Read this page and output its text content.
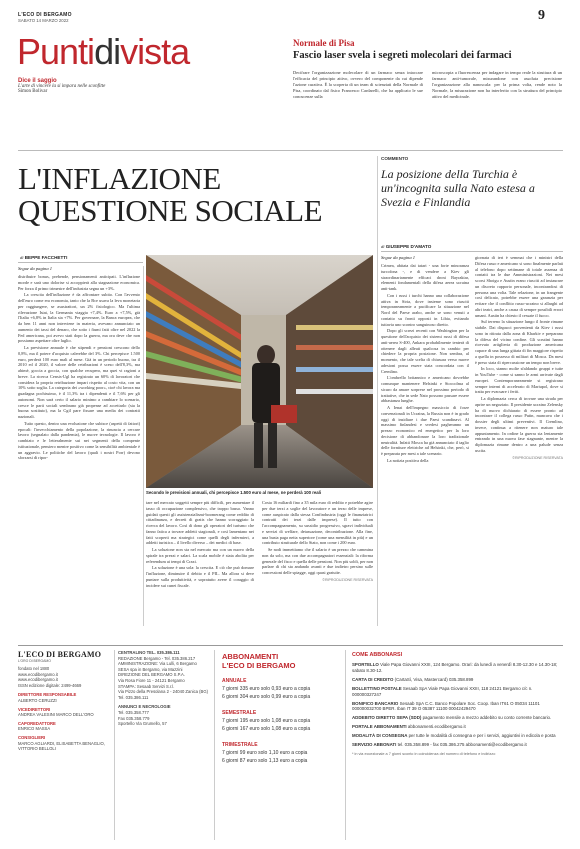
L'ECO DI BERGAMO
SABATO 14 MARZO 2022	9
Puntidivista
Dice il saggio
L'arte di vincere la si impara nelle sconfitte
Simon Bolivar
Normale di Pisa
Fascio laser svela i segreti molecolari dei farmaci
Decifrare l'organizzazione molecolare di un farmaco senza intaccare l'efficacia del principio attivo, ovvero del componente da cui dipende l'azione curativa. È la scoperta di un team di scienziati della Normale di Pisa, coordinato dal fisico Francesco Cardarelli, che ha applicato le sue conoscenze sulla
microscopia a fluorescenza per indagare in tempo reale la struttura di un farmaco anti-tumorale, misurandone con assoluta precisione l'organizzazione alla nanoscala: per la prima volta, rende noto la Normale, la misurazione non ha interferito con la struttura del principio attivo del medicinale.
L'INFLAZIONE
QUESTIONE SOCIALE
COMMENTO
La posizione della Turchia è un'incognita sulla Nato estesa a Svezia e Finlandia
di BEPPE FACCHETTI
di GIUSEPPE D'AMATO
Segue da pagina 1

distribuire bonus, prebende, pensionamenti anticipati. L'inflazione morde e sarà uno dolorise si accoppierà alla stagnazione economica. Per forza il primo trimestre dell'industria segna un +3%.

La crescita dell'inflazione è da affrontare subito. Con l'avvento dell'euro come era economia, tanto che la Bce usava la leva monetaria per raggiungere, se asustrattori, un 2% fisiologico. Ma l'ultima rilevazione Istat, la Germania viaggia +7,4%. Euro a +7,5%, già l'Italia +6,8% in Italia sia +7%. Per governare, la Banca europea, che da ben 11 anni non interviene in materia, avevano annunciato un aumento dei tassi del denaro, che sotto i fiumi fatti oltre nel 2022 la Fed americana, poi avevo stati dopo la guerra, ma ora deve che non possiamo aspettare oltre luglio.

La previsione annuale è che stipendi e pensioni crescono dello 0,8%, ma il potere d'acquisto calerebbe del 3%. Chi percepisce 1.500 euro, perderà 100 euro mali al mese. Già in un periodo buono, tra il 2010 ed il 2020, il valore delle retribuzioni è sceso dell'8,3%, ma ahimè, goccia a goccia, con qualche recupero, ma quei vi ragioni a breve. La ricerca Censis-Ugl ha registrato un 60% di lavoratori che considera la propria retribuzione impari rispetto al costo vita, con un 10% sotto soglia. La categoria dei «working poor», cioè chi lavora ma guadagna pochissimo, è il 11,3% tra i dipendenti e il 7,6% per gli autonomi. Non sarà certo il salario minimo a cambiare lo scenario, cresce le parti sociali sembrano già propense ad accettarlo (sta la buona sostituto), ma la Cgil pare fissare una media dei contratti nazionali.

Tutto questo, dentro una evoluzione che subisce (aspetti di fattori) epocali: l'invecchiamento della popolazione, la rinuncia a cercare lavoro (segnalato dalla pandemia), le nuove tecnologie. Il lavoro è cambiato e le letteralmente sui nei segmenti della compente istituzionale, pensiero mentre positivo come la sensibilità ambientale è un aggravio. Le politiche del lavoro (quali i nostri Porr) devono sforzarsi di ripor-

Secondo le previsioni annuali, chi percepisce 1.500 euro al mese, ne perderà 100 reali

tare nel mercato soggetti sempre più difficili, per aumentare il tasso di occupazione complessivo, che troppo basso. Vanno guidati questi gli assistenzialismi-boomerang come reddito di cittadinanza, e decreti di gratis che hanno scoraggiato la ricerca del lavoro. Così di dono gli operatori del turismo che fanno fatica a trovare addetti stagionali, e così lamentano nei fatti scoperti ma strategici come quelli degli infermieri, a addetti turistica – il livello diverso – dei medici di base.

La soluzione non sta nel mercato ma con un nuovo della spirale tra prezzi e salari. La scala mobile è stata abolita per referendum ai tempi di Craxi.

La soluzione è una sola: la crescita. E ciò che può domare l'inflazione, diminuire il debito e il PIL. Ma allora si deve puntare sulla produttività, e sopratutto avere il coraggio di incidere sui cunei fiscale.

Costa 16 miliardi fino a 35 mila euro di reddito e potrebbe agire per due terzi a soglie del lavoratore e un terzo delle imprese, come auspicato dalla stessa Confindustria (oggi le finanziatrici contratti dei terzi dalle imprese). Il tutto con l'accompagnamento, su sussidio progressivo, sgravi individuali e servizi di welfare, detassazione, decontribuzione. Alla fine, una busta paga netta superiore (come una mensilità in più) e un contributo strutturale dello Stato, non come i 200 euro.

Se nodi immettiamo che il salario è un prezzo che cammina non da solo, ma con due accompagnatori essenziali: la riforma generale del fisco e quella delle pensioni. Non più soldi, per non parlare di chi sta andando avanti e due indietro persino sulle concessioni delle spiagge, oggi quasi gratuite.

©RIPRODUZIONE RISERVATA
Segue da pagina 1

Crimea, abitata dai tatari - una forte minoranza turcofona -, e di vendere a Kiev gli straordinariamente efficaci droni Bayraktar, elementi fondamentali della difesa aerea ucraina anti-tank.

Con i russi i turchi hanno una collaborazione attiva in Siria, dove insieme sono riusciti temporaneamente a pacificare la situazione nel Nord del Paese arabo, anche se sono venuti a contatto su fronti opposti in Libia, evitando tuttavia uno scontro sanguinoso diretto.

Dopo gli screzi recenti con Washington per la questione dell'acquisto dei sistemi russi di difesa anti-aerea S-400, Ankara probabilmente tenterà di ottenere dagli alleati qualcosa in cambio per chiedere la propria posizione. Non sembra, al momento, che tale scelta di chiusura verso nuove adesioni possa essere stata concordata con il Cremlino.

L'ombrello britannico e americano dovrebbe comunque mantenere Helsinki e Stoccolma al sicuro da amare sorprese nel prossimo periodo di trattative, che in sede Nato possono passare essere abbastanza lunghe.

A Ienai dell'impegno massiccio di forze convenzionali in Ucraina, la Russia non è in grado oggi di insidiare i due Paesi scandinavi. Al massimo finlandesi e svedesi pagheranno un prezzo economico ed energetico per la loro decisione di abbandonare la loro tradizionale neutralità. Infatti Mosca ha già annunciato il taglio delle forniture elettriche ad Helsinki, che, però, si è preparata per mesi a tale scenario.

La notizia positiva della

giornata di ieri è semmai che i ministri della Difesa russo e americano si sono finalmente parlati al telefono dopo settimane di totale assenza di contatti tra le due Amministrazioni. Nei mesi scorsi Shoigu e Austin erano riusciti ad instaurare un discreto rapporto personale, incontrandosi di persona una volta. Tale relazione, in un frangente così delicato, potrebbe essere una garanzia per evitare che il conflitto russo-ucraino si allarghi ad altri teatri, anche a causa di sempre possibili errori umani. Austin ha chiesto il cessate il fuoco.

Sul terreno la situazione lungo il fronte rimane stabile. Dai dispacci provenienti da Kiev i russi sono in ritirata dalla zona di Kharkiv e preparano la difesa del vicino confine. Gli scrutini hanno ricevuto artiglieria di produzione americana capace di una lunga gittata di fin maggiore rispetto a quella in possesso di militari di Mosca. Da mesi è preso stata di ripercussione un tempo non breve.

In loco, stanno molte sfaldando gruppi e tutte in YouTube - come si sanno le armi arrivate dagli europei. Contemporaneamente si registrano sempre interni di accelerato di Mariupol, dove si tratta per evacuare i feriti.

La diplomazia cerca di trovare una strada per aprire un negoziato. Il presidente ucraino Zelensky ha di nuovo dichiarato di essere pronto ad incontrare il collega russo Putin, mancava che i dossier degli ultimi preventivi. Il Cremlino, invece, continua a ritenere non maturo tale appuntamento. In ordine la guerra sta lentamente entrando in una nuova fase stagnante, mentre la diplomazia rimane dentro a una palude senza uscita.

©RIPRODUZIONE RISERVATA
L'ECO DI BERGAMO
L'ORO DI BERGAMO
fondato nel 1880
www.ecodibergamo.it
www.ecodibergamo.it
ISSN edizione digitale: 2499-4669
DIRETTORE RESPONSABILE
ALBERTO CERUZZI
VICEDIRETTORI
ANDREA VALESINI MARCO DELL'ORO
CAPOREDATTORE
ENRICO MASSA
CONSIGLIERI
MARCO AGLIARDI, ELISABETTA BENAGLIO, VITTORIO BELLOLI
CENTRALINO TEL. 035.386.111
REDAZIONE Bergamo - Tel. 035.386.217
AMMINISTRAZIONE: Via Lulli, 6 Bergamo
SESA spa in Bergamo, via Mazzini
DIREZIONE DEL BERGAMO S.P.A.
Via Rosa Fiore 11 - 24121 Bergamo
STAMPA: Sesaab Servizi S.r.l.
Via Pizzo della Presolana 2 - 24040 Zanica (BG)
Tel. 035.386.111
ANNUNCI E NECROLOGIE
Tel. 035.358.777
Fax 035.358.779
Sportello Via Grumello, 57
ABBONAMENTI
L'ECO DI BERGAMO
ANNUALE
7 giorni 335 euro solo 0,93 euro a copia
6 giorni 304 euro solo 0,99 euro a copia
SEMESTRALE
7 giorni 195 euro solo 1,08 euro a copia
6 giorni 167 euro solo 1,08 euro a copia
TRIMESTRALE
7 giorni 99 euro solo 1,10 euro a copia
6 giorni 87 euro solo 1,13 euro a copia
COME ABBONARSI
SPORTELLO Viale Papa Giovanni XXIII, 124 Bergamo. Orari: da lunedì a venerdì 8.30-12.30 e 14.30-18; sabato 8.30-12.
CARTA DI CREDITO (CartaSì, Visa, Mastercard) 035.358.899
BOLLETTINO POSTALE Sesaab SpA Viale Papa Giovanni XXIII, 118 24121 Bergamo c/c n. 000000327247
BONIFICO BANCARIO Sesaab SpA C.C. Banco Popolare Soc. Coop. Iban IT61 O 05034 11101 000000032700 BPER. Iban IT 39 O 05387 11100 00042429470
ADDEBITO DIRETTO SEPA (SDD) pagamento mensile a mezzo addebito su conto corrente bancario.
PORTALE ABBONAMENTI abbonamenti.ecodibergamo.it
MODALITÀ DI CONSEGNA per tutte le modalità di consegna e per i servizi, aggiuntivi in edicola e posta
SERVIZIO ABBONATI tel. 035.358.899 - fax 035.386.275 abbonamenti@ecodibergamo.it
* in via eccezionale a 7 giorni sconto in coincidenza del numero di telefono e indirizzo
